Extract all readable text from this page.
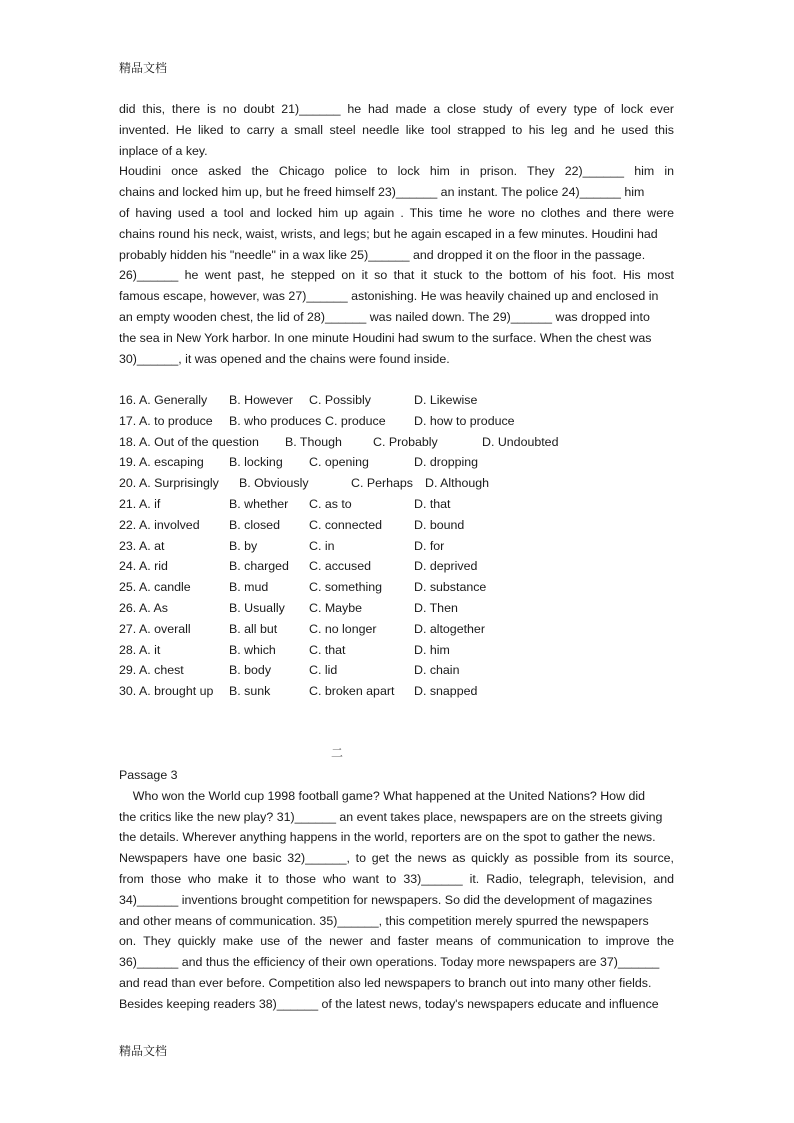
精品文档
did this, there is no doubt 21)______ he had made a close study of every type of lock ever
invented. He liked to carry a small steel needle like tool strapped to his leg and he used this
inplace of a key.
Houdini once asked the Chicago police to lock him in prison. They 22)______ him in
chains and locked him up, but he freed himself 23)______ an instant. The police 24)______ him
of having used a tool and locked him up again . This time he wore no clothes and there were
chains round his neck, waist, wrists, and legs; but he again escaped in a few minutes. Houdini had
probably hidden his "needle" in a wax like 25)______ and dropped it on the floor in the passage.
26)______ he went past, he stepped on it so that it stuck to the bottom of his foot. His most
famous escape, however, was 27)______ astonishing. He was heavily chained up and enclosed in
an empty wooden chest, the lid of 28)______ was nailed down. The 29)______ was dropped into
the sea in New York harbor. In one minute Houdini had swum to the surface. When the chest was
30)______, it was opened and the chains were found inside.
16. A. Generally B. However C. Possibly	D. Likewise
17. A. to produce B. who produces C. produce D. how to produce
18. A. Out of the question B. Though	C. Probably	D. Undoubted
19. A. escaping B. locking C. opening	D. dropping
20. A. Surprisingly B. Obviously	C. Perhaps D. Although
21. A. if	B. whether C. as to	D. that
22. A. involved B. closed C. connected	D. bound
23. A. at	B. by	C. in	D. for
24. A. rid	B. charged C. accused	D. deprived
25. A. candle	B. mud	C. something	D. substance
26. A. As	B. Usually C. Maybe	D. Then
27. A. overall	B. all but	C. no longer	D. altogether
28. A. it	B. which	C. that	D. him
29. A. chest	B. body	C. lid	D. chain
30. A. brought up B. sunk	C. broken apart D. snapped
二
Passage 3
Who won the World cup 1998 football game? What happened at the United Nations? How did
the critics like the new play? 31)______ an event takes place, newspapers are on the streets giving
the details. Wherever anything happens in the world, reporters are on the spot to gather the news.
Newspapers have one basic 32)______, to get the news as quickly as possible from its source,
from those who make it to those who want to 33)______ it. Radio, telegraph, television, and
34)______ inventions brought competition for newspapers. So did the development of magazines
and other means of communication. 35)______, this competition merely spurred the newspapers
on. They quickly make use of the newer and faster means of communication to improve the
36)______ and thus the efficiency of their own operations. Today more newspapers are 37)______
and read than ever before. Competition also led newspapers to branch out into many other fields.
Besides keeping readers 38)______ of the latest news, today's newspapers educate and influence
精品文档
